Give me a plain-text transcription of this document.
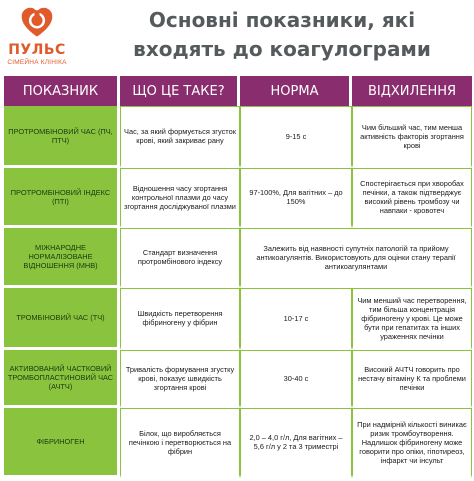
ПУЛЬС
СІМЕЙНА КЛІНІКА
Основні показники, які
входять до коагулограми
ПОКАЗНИК	ЩО ЦЕ ТАКЕ?	НОРМА	ВІДХИЛЕННЯ
ПРОТРОМБІНОВИЙ ЧАС (ПЧ, ПТЧ)	Час, за який формується згусток крові, який закриває рану	9-15 с	Чим більший час, тим менша активність факторів згортання крові
ПРОТРОМБІНОВИЙ ІНДЕКС (ПТІ)	Відношення часу згортання контрольної плазми до часу згортання досліджуваної плазми	97-100%, Для вагітних – до 150%	Спостерігається при хворобах печінки, а також підтверджує високий рівень тромбозу чи навпаки - кровотеч
МІЖНАРОДНЕ НОРМАЛІЗОВАНЕ ВІДНОШЕННЯ (МНВ)	Стандарт визначення протромбінового індексу	Залежить від наявності супутніх патологій та прийому антикоагулянтів. Використовують для оцінки стану терапії антикоагулянтами	
ТРОМБІНОВИЙ ЧАС (ТЧ)	Швидкість перетворення фібриногену у фібрин	10-17 с	Чим менший час перетворення, тим більша концентрація фібриногену у крові. Це може бути при гепатитах та інших ураженнях печінки
АКТИВОВАНИЙ ЧАСТКОВИЙ ТРОМБОПЛАСТИНОВИЙ ЧАС (АЧТЧ)	Тривалість формування згустку крові, показує швидкість згортання крові	30-40 с	Високий АЧТЧ говорить про нестачу вітаміну К та проблеми печінки
ФІБРИНОГЕН	Білок, що виробляється печінкою і перетворюється на фібрин	2,0 – 4,0 г/л, Для вагітних – 5,6 г/л у 2 та 3 триместрі	При надмірній кількості виникає ризик тромбоутворення. Надлишок фібриногену може говорити про опіки, гіпотиреоз, інфаркт чи інсульт
